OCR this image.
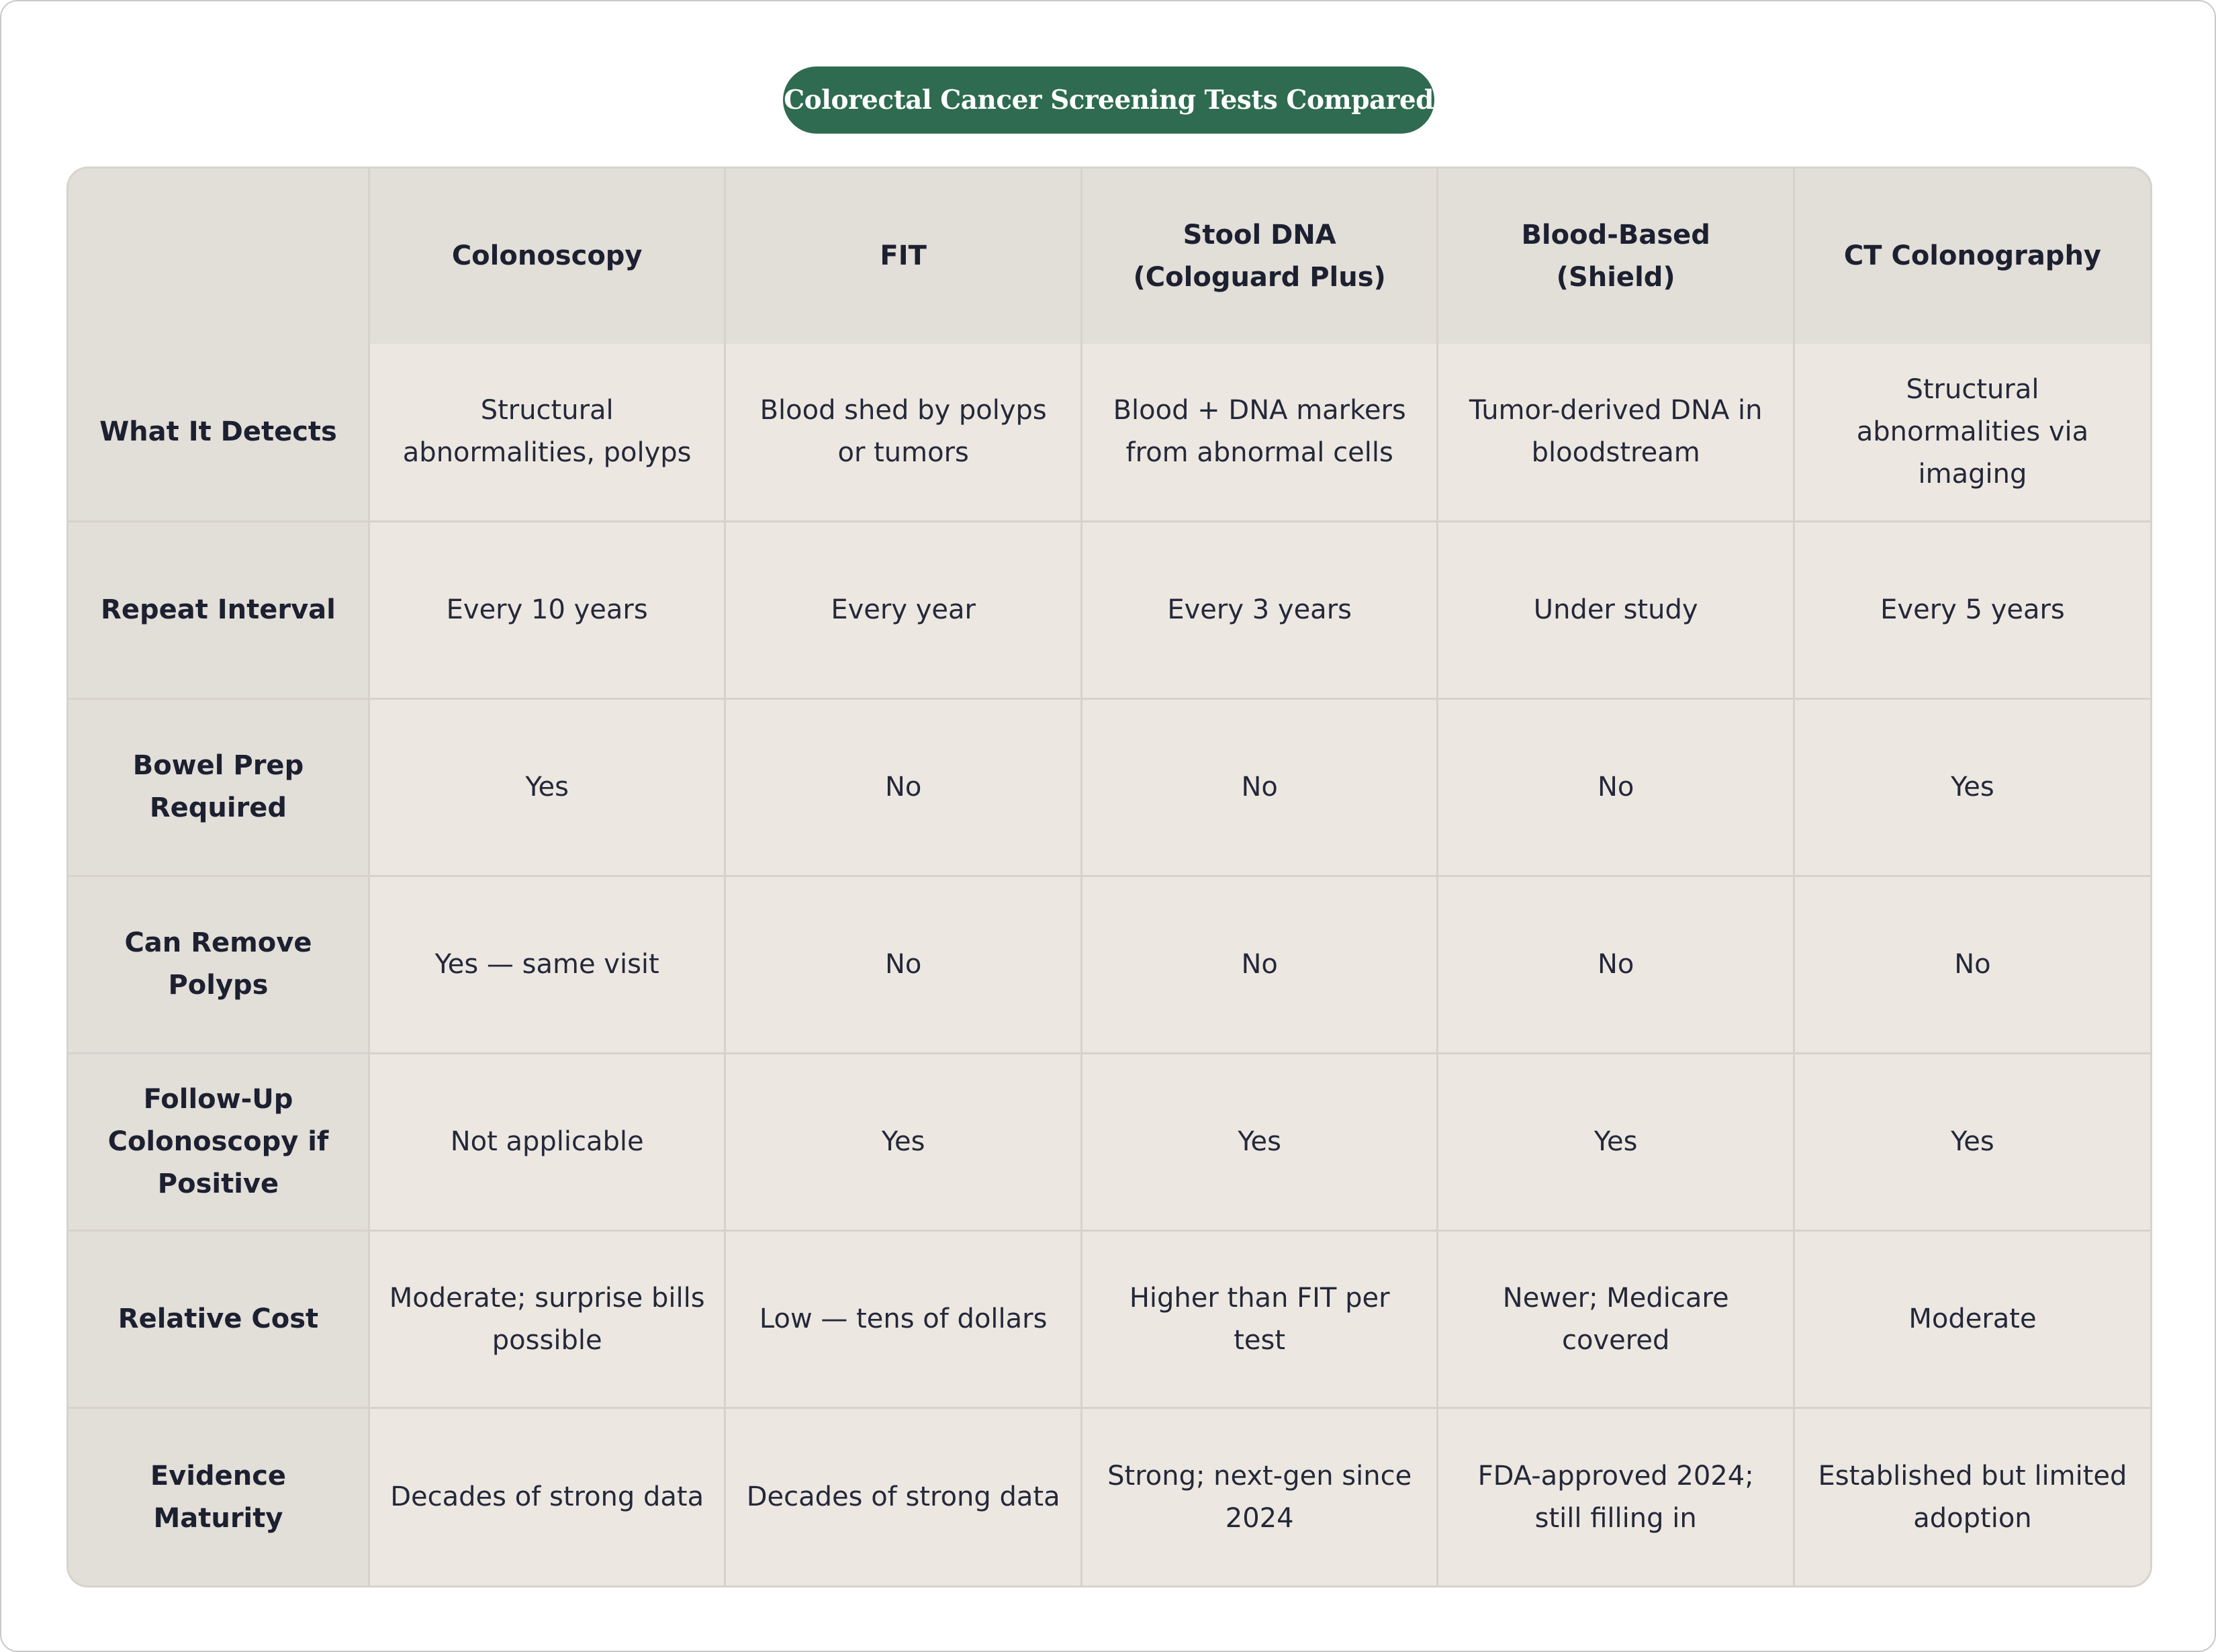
Colorectal Cancer Screening Tests Compared
	Colonoscopy	FIT	Stool DNA (Cologuard Plus)	Blood-Based (Shield)	CT Colonography
What It Detects	Structural abnormalities, polyps	Blood shed by polyps or tumors	Blood + DNA markers from abnormal cells	Tumor-derived DNA in bloodstream	Structural abnormalities via imaging
Repeat Interval	Every 10 years	Every year	Every 3 years	Under study	Every 5 years
Bowel Prep Required	Yes	No	No	No	Yes
Can Remove Polyps	Yes — same visit	No	No	No	No
Follow-Up Colonoscopy if Positive	Not applicable	Yes	Yes	Yes	Yes
Relative Cost	Moderate; surprise bills possible	Low — tens of dollars	Higher than FIT per test	Newer; Medicare covered	Moderate
Evidence Maturity	Decades of strong data	Decades of strong data	Strong; next-gen since 2024	FDA-approved 2024; still filling in	Established but limited adoption
